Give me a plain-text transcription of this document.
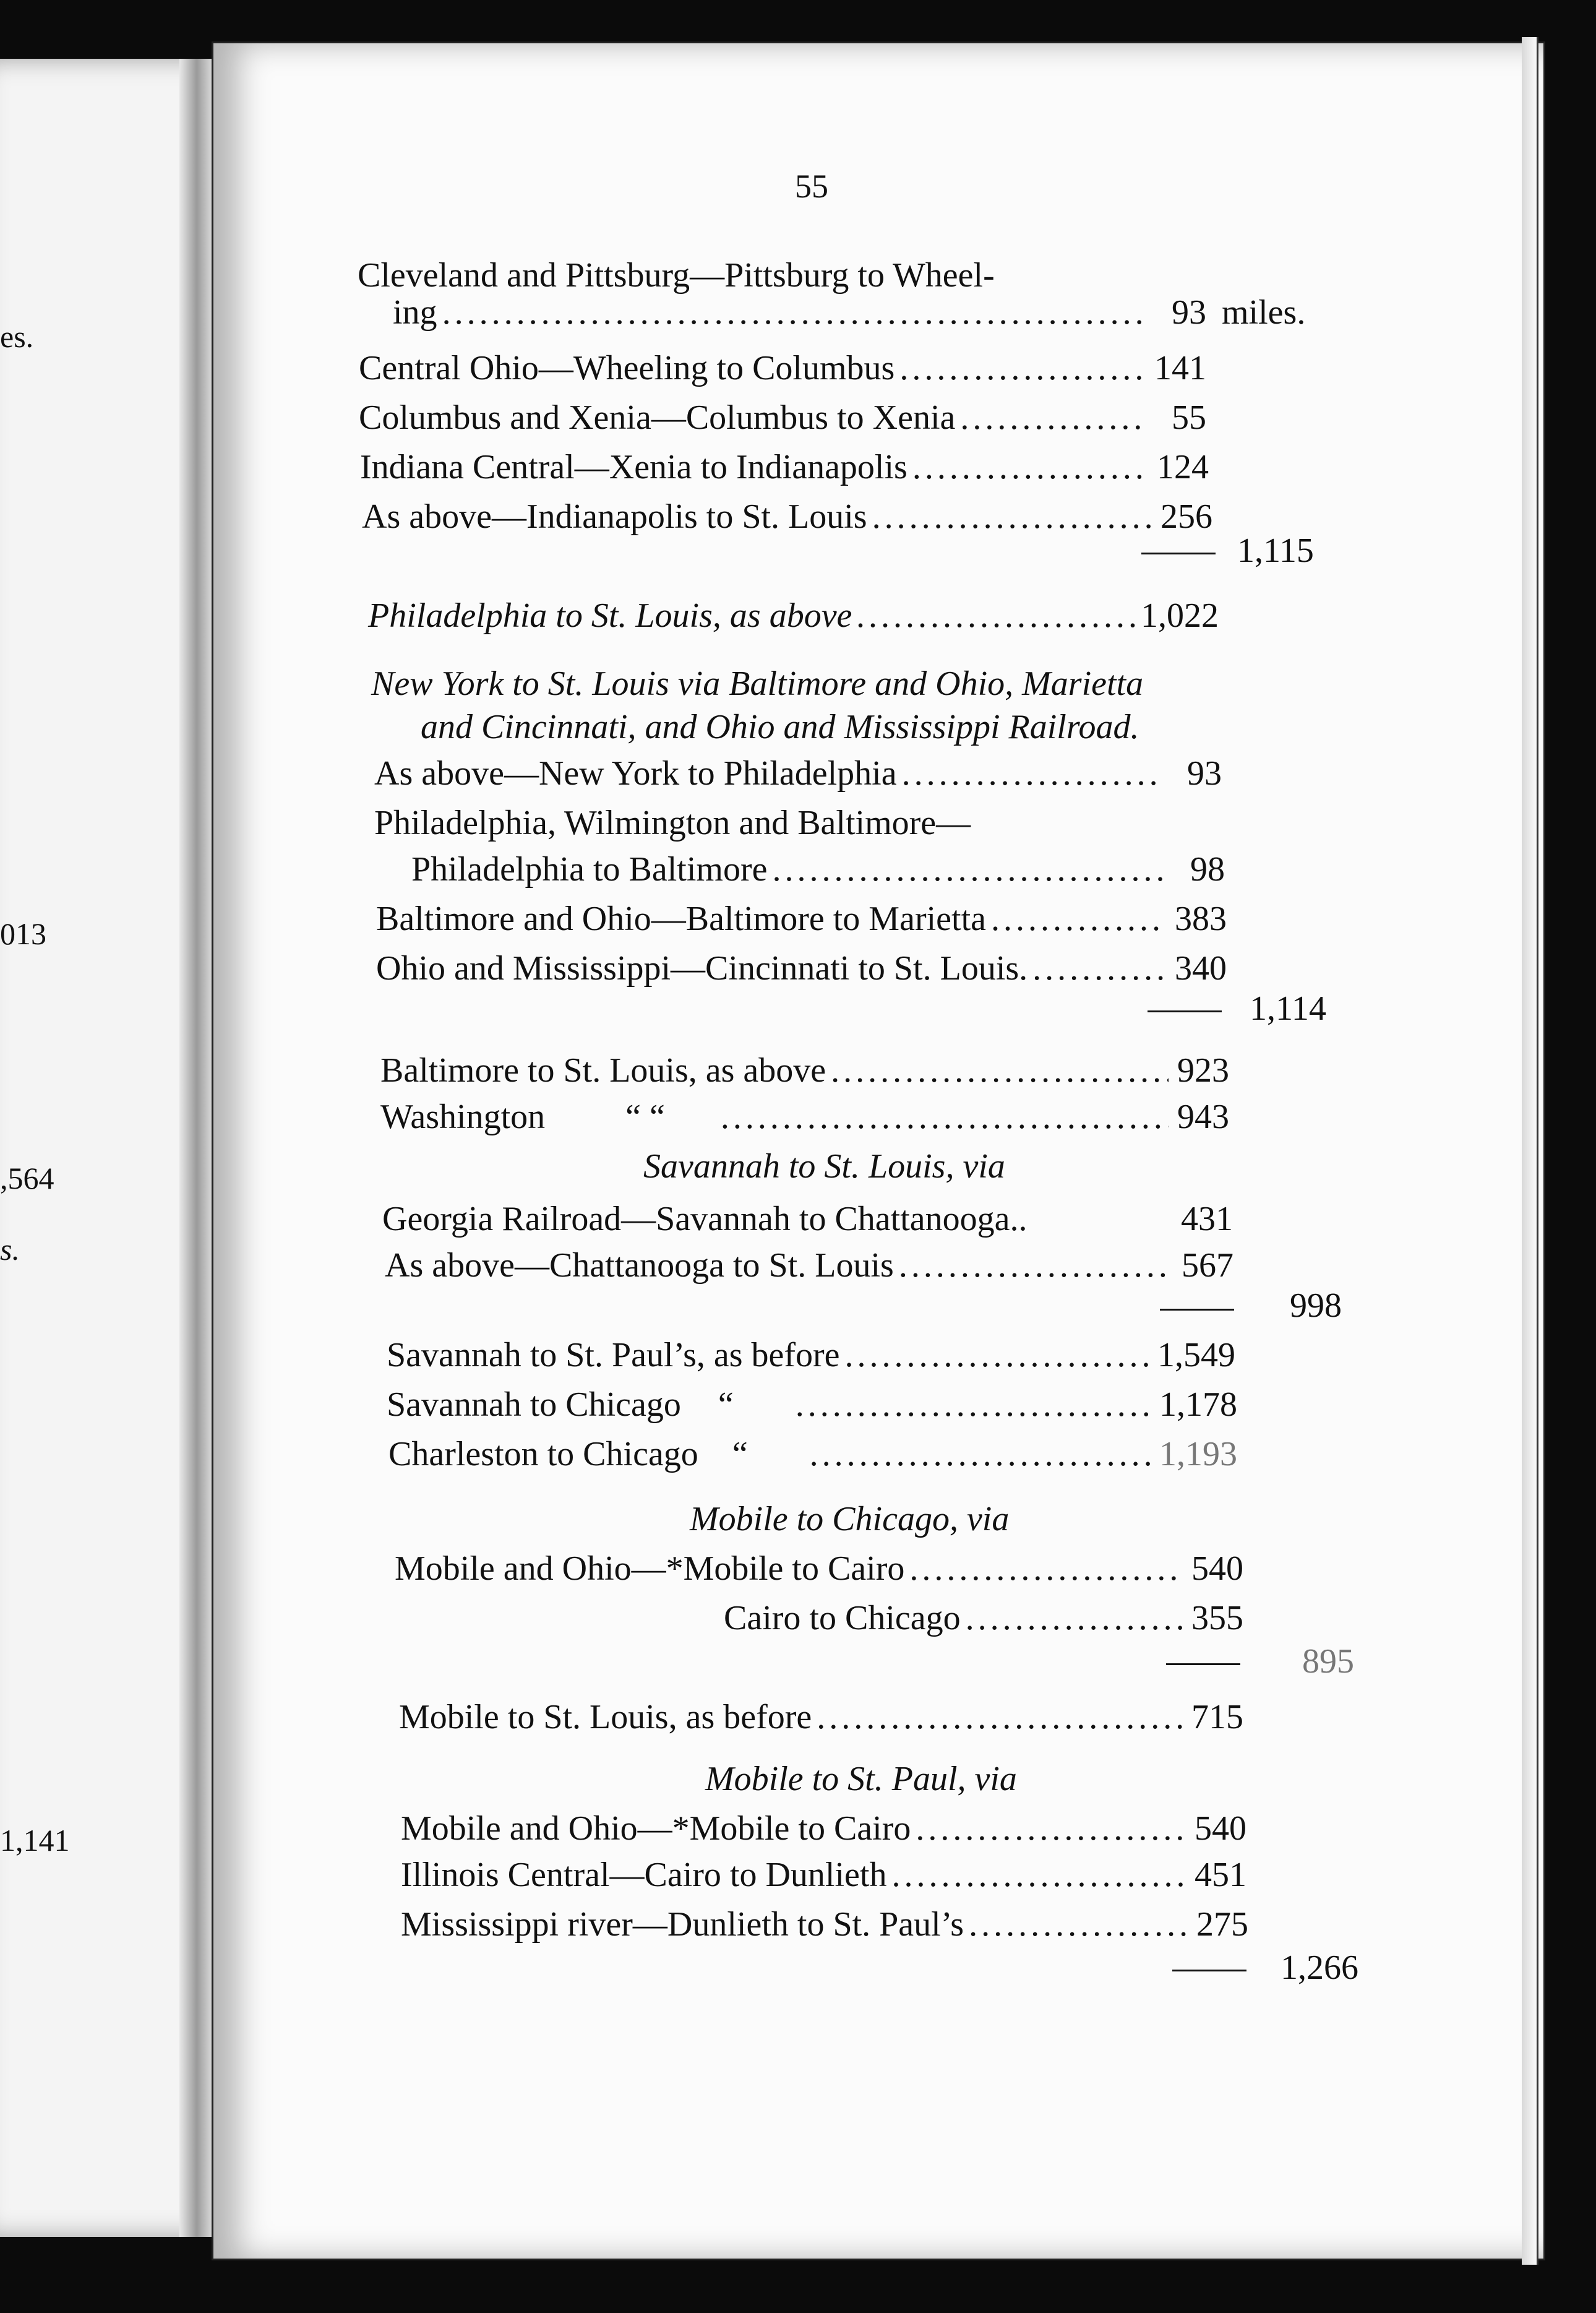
es.
013
,564
s.
1,141
55
Cleveland and Pittsburg—Pittsburg to Wheel-
ing .....	93 miles.
Central Ohio—Wheeling to Columbus .....	141
Columbus and Xenia—Columbus to Xenia .....	55
Indiana Central—Xenia to Indianapolis .....	124
As above—Indianapolis to St. Louis .....	256
1,115
Philadelphia to St. Louis, as above .....	1,022
New York to St. Louis via Baltimore and Ohio, Marietta
and Cincinnati, and Ohio and Mississippi Railroad.
As above—New York to Philadelphia .....	93
Philadelphia, Wilmington and Baltimore—
Philadelphia to Baltimore .....	98
Baltimore and Ohio—Baltimore to Marietta .....	383
Ohio and Mississippi—Cincinnati to St. Louis. .....	340
1,114
Baltimore to St. Louis, as above .....	923
Washington “ “ .....	943
Savannah to St. Louis, via
Georgia Railroad—Savannah to Chattanooga..	431
As above—Chattanooga to St. Louis .....	567
998
Savannah to St. Paul’s, as before .....	1,549
Savannah to Chicago “ .....	1,178
Charleston to Chicago “ .....	1,193
Mobile to Chicago, via
Mobile and Ohio—*Mobile to Cairo .....	540
Cairo to Chicago .....	355
895
Mobile to St. Louis, as before .....	715
Mobile to St. Paul, via
Mobile and Ohio—*Mobile to Cairo .....	540
Illinois Central—Cairo to Dunlieth .....	451
Mississippi river—Dunlieth to St. Paul’s .....	275
1,266
